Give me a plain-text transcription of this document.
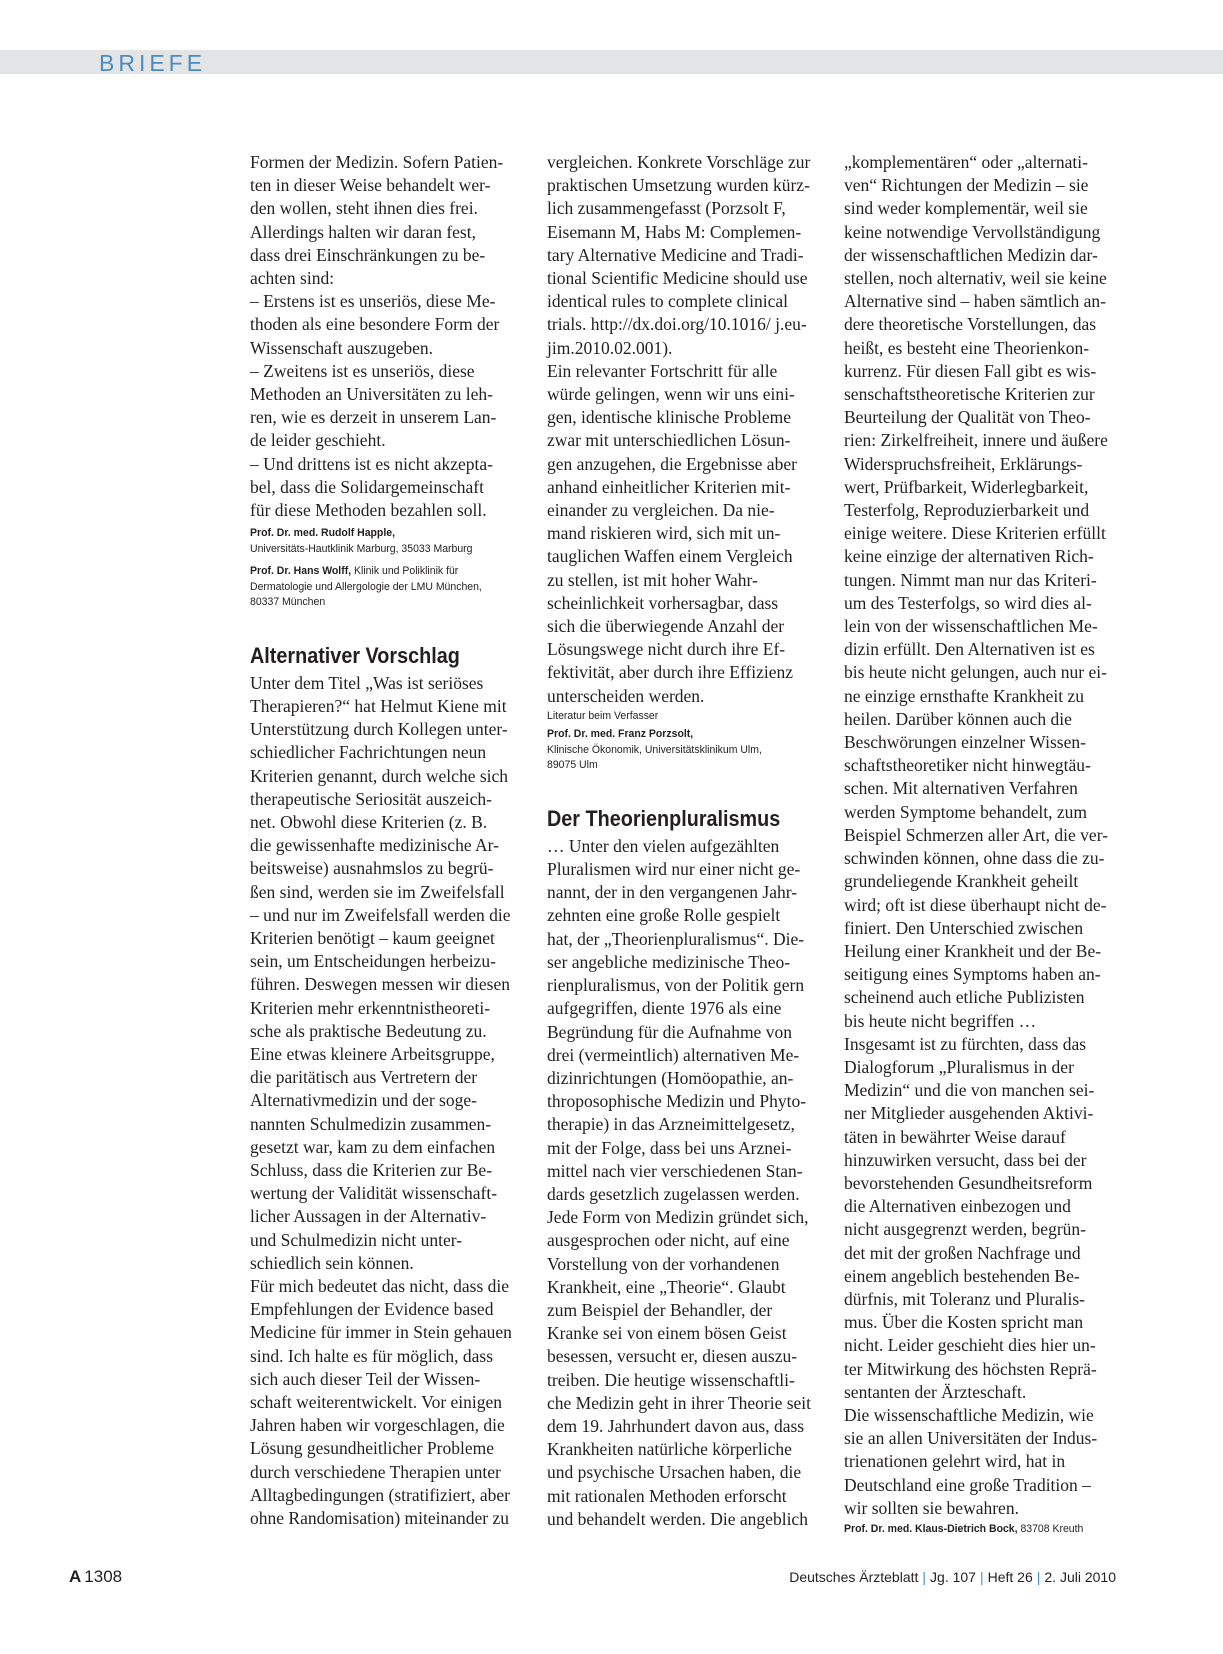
BRIEFE

Formen der Medizin. Sofern Patien-

ten in dieser Weise behandelt wer-

den wollen, steht ihnen dies frei.

Allerdings halten wir daran fest,

dass drei Einschränkungen zu be-

achten sind:

– Erstens ist es unseriös, diese Me-

thoden als eine besondere Form der

Wissenschaft auszugeben.

– Zweitens ist es unseriös, diese

Methoden an Universitäten zu leh-

ren, wie es derzeit in unserem Lan-

de leider geschieht.

– Und drittens ist es nicht akzepta-

bel, dass die Solidargemeinschaft

für diese Methoden bezahlen soll.

Prof. Dr. med. Rudolf Happle,
Universitäts-Hautklinik Marburg, 35033 Marburg

Prof. Dr. Hans Wolff, Klinik und Poliklinik für
Dermatologie und Allergologie der LMU München,
80337 München

Alternativer Vorschlag

Unter dem Titel „Was ist seriöses

Therapieren?“ hat Helmut Kiene mit

Unterstützung durch Kollegen unter-

schiedlicher Fachrichtungen neun

Kriterien genannt, durch welche sich

therapeutische Seriosität auszeich-

net. Obwohl diese Kriterien (z. B.

die gewissenhafte medizinische Ar-

beitsweise) ausnahmslos zu begrü-

ßen sind, werden sie im Zweifelsfall

– und nur im Zweifelsfall werden die

Kriterien benötigt – kaum geeignet

sein, um Entscheidungen herbeizu-

führen. Deswegen messen wir diesen

Kriterien mehr erkenntnistheoreti-

sche als praktische Bedeutung zu.

Eine etwas kleinere Arbeitsgruppe,

die paritätisch aus Vertretern der

Alternativmedizin und der soge-

nannten Schulmedizin zusammen-

gesetzt war, kam zu dem einfachen

Schluss, dass die Kriterien zur Be-

wertung der Validität wissenschaft-

licher Aussagen in der Alternativ-

und Schulmedizin nicht unter-

schiedlich sein können.

Für mich bedeutet das nicht, dass die

Empfehlungen der Evidence based

Medicine für immer in Stein gehauen

sind. Ich halte es für möglich, dass

sich auch dieser Teil der Wissen-

schaft weiterentwickelt. Vor einigen

Jahren haben wir vorgeschlagen, die

Lösung gesundheitlicher Probleme

durch verschiedene Therapien unter

Alltagbedingungen (stratifiziert, aber

ohne Randomisation) miteinander zu

vergleichen. Konkrete Vorschläge zur

praktischen Umsetzung wurden kürz-

lich zusammengefasst (Porzsolt F,

Eisemann M, Habs M: Complemen-

tary Alternative Medicine and Tradi-

tional Scientific Medicine should use

identical rules to complete clinical

trials. http://dx.doi.org/10.1016/ j.eu-

jim.2010.02.001).

Ein relevanter Fortschritt für alle

würde gelingen, wenn wir uns eini-

gen, identische klinische Probleme

zwar mit unterschiedlichen Lösun-

gen anzugehen, die Ergebnisse aber

anhand einheitlicher Kriterien mit-

einander zu vergleichen. Da nie-

mand riskieren wird, sich mit un-

tauglichen Waffen einem Vergleich

zu stellen, ist mit hoher Wahr-

scheinlichkeit vorhersagbar, dass

sich die überwiegende Anzahl der

Lösungswege nicht durch ihre Ef-

fektivität, aber durch ihre Effizienz

unterscheiden werden.

Literatur beim Verfasser

Prof. Dr. med. Franz Porzsolt,
Klinische Ökonomik, Universitätsklinikum Ulm,
89075 Ulm

Der Theorienpluralismus

… Unter den vielen aufgezählten

Pluralismen wird nur einer nicht ge-

nannt, der in den vergangenen Jahr-

zehnten eine große Rolle gespielt

hat, der „Theorienpluralismus“. Die-

ser angebliche medizinische Theo-

rienpluralismus, von der Politik gern

aufgegriffen, diente 1976 als eine

Begründung für die Aufnahme von

drei (vermeintlich) alternativen Me-

dizinrichtungen (Homöopathie, an-

throposophische Medizin und Phyto-

therapie) in das Arzneimittelgesetz,

mit der Folge, dass bei uns Arznei-

mittel nach vier verschiedenen Stan-

dards gesetzlich zugelassen werden.

Jede Form von Medizin gründet sich,

ausgesprochen oder nicht, auf eine

Vorstellung von der vorhandenen

Krankheit, eine „Theorie“. Glaubt

zum Beispiel der Behandler, der

Kranke sei von einem bösen Geist

besessen, versucht er, diesen auszu-

treiben. Die heutige wissenschaftli-

che Medizin geht in ihrer Theorie seit

dem 19. Jahrhundert davon aus, dass

Krankheiten natürliche körperliche

und psychische Ursachen haben, die

mit rationalen Methoden erforscht

und behandelt werden. Die angeblich

„komplementären“ oder „alternati-

ven“ Richtungen der Medizin – sie

sind weder komplementär, weil sie

keine notwendige Vervollständigung

der wissenschaftlichen Medizin dar-

stellen, noch alternativ, weil sie keine

Alternative sind – haben sämtlich an-

dere theoretische Vorstellungen, das

heißt, es besteht eine Theorienkon-

kurrenz. Für diesen Fall gibt es wis-

senschaftstheoretische Kriterien zur

Beurteilung der Qualität von Theo-

rien: Zirkelfreiheit, innere und äußere

Widerspruchsfreiheit, Erklärungs-

wert, Prüfbarkeit, Widerlegbarkeit,

Testerfolg, Reproduzierbarkeit und

einige weitere. Diese Kriterien erfüllt

keine einzige der alternativen Rich-

tungen. Nimmt man nur das Kriteri-

um des Testerfolgs, so wird dies al-

lein von der wissenschaftlichen Me-

dizin erfüllt. Den Alternativen ist es

bis heute nicht gelungen, auch nur ei-

ne einzige ernsthafte Krankheit zu

heilen. Darüber können auch die

Beschwörungen einzelner Wissen-

schaftstheoretiker nicht hinwegtäu-

schen. Mit alternativen Verfahren

werden Symptome behandelt, zum

Beispiel Schmerzen aller Art, die ver-

schwinden können, ohne dass die zu-

grundeliegende Krankheit geheilt

wird; oft ist diese überhaupt nicht de-

finiert. Den Unterschied zwischen

Heilung einer Krankheit und der Be-

seitigung eines Symptoms haben an-

scheinend auch etliche Publizisten

bis heute nicht begriffen …

Insgesamt ist zu fürchten, dass das

Dialogforum „Pluralismus in der

Medizin“ und die von manchen sei-

ner Mitglieder ausgehenden Aktivi-

täten in bewährter Weise darauf

hinzuwirken versucht, dass bei der

bevorstehenden Gesundheitsreform

die Alternativen einbezogen und

nicht ausgegrenzt werden, begrün-

det mit der großen Nachfrage und

einem angeblich bestehenden Be-

dürfnis, mit Toleranz und Pluralis-

mus. Über die Kosten spricht man

nicht. Leider geschieht dies hier un-

ter Mitwirkung des höchsten Reprä-

sentanten der Ärzteschaft.

Die wissenschaftliche Medizin, wie

sie an allen Universitäten der Indus-

trienationen gelehrt wird, hat in

Deutschland eine große Tradition –

wir sollten sie bewahren.

Prof. Dr. med. Klaus-Dietrich Bock, 83708 Kreuth

A 1308	Deutsches Ärzteblatt | Jg. 107 | Heft 26 | 2. Juli 2010
